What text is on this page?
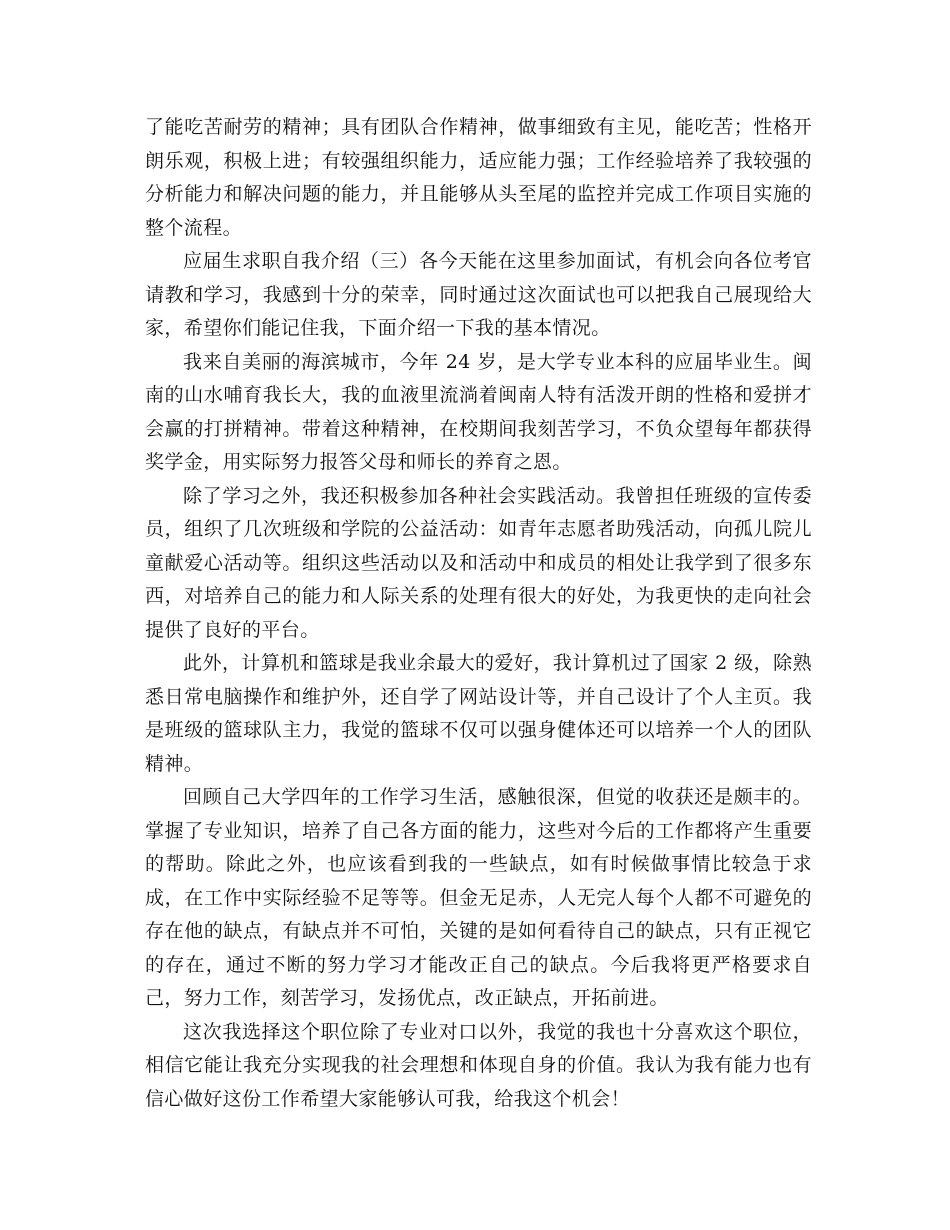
了能吃苦耐劳的精神；具有团队合作精神，做事细致有主见，能吃苦；性格开朗乐观，积极上进；有较强组织能力，适应能力强；工作经验培养了我较强的分析能力和解决问题的能力，并且能够从头至尾的监控并完成工作项目实施的整个流程。

应届生求职自我介绍（三）各今天能在这里参加面试，有机会向各位考官请教和学习，我感到十分的荣幸，同时通过这次面试也可以把我自己展现给大家，希望你们能记住我，下面介绍一下我的基本情况。

我来自美丽的海滨城市，今年 24 岁，是大学专业本科的应届毕业生。闽南的山水哺育我长大，我的血液里流淌着闽南人特有活泼开朗的性格和爱拼才会赢的打拼精神。带着这种精神，在校期间我刻苦学习，不负众望每年都获得奖学金，用实际努力报答父母和师长的养育之恩。

除了学习之外，我还积极参加各种社会实践活动。我曾担任班级的宣传委员，组织了几次班级和学院的公益活动：如青年志愿者助残活动，向孤儿院儿童献爱心活动等。组织这些活动以及和活动中和成员的相处让我学到了很多东西，对培养自己的能力和人际关系的处理有很大的好处，为我更快的走向社会提供了良好的平台。

此外，计算机和篮球是我业余最大的爱好，我计算机过了国家 2 级，除熟悉日常电脑操作和维护外，还自学了网站设计等，并自己设计了个人主页。我是班级的篮球队主力，我觉的篮球不仅可以强身健体还可以培养一个人的团队精神。

回顾自己大学四年的工作学习生活，感触很深，但觉的收获还是颇丰的。掌握了专业知识，培养了自己各方面的能力，这些对今后的工作都将产生重要的帮助。除此之外，也应该看到我的一些缺点，如有时候做事情比较急于求成，在工作中实际经验不足等等。但金无足赤，人无完人每个人都不可避免的存在他的缺点，有缺点并不可怕，关键的是如何看待自己的缺点，只有正视它的存在，通过不断的努力学习才能改正自己的缺点。今后我将更严格要求自己，努力工作，刻苦学习，发扬优点，改正缺点，开拓前进。

这次我选择这个职位除了专业对口以外，我觉的我也十分喜欢这个职位，相信它能让我充分实现我的社会理想和体现自身的价值。我认为我有能力也有信心做好这份工作希望大家能够认可我，给我这个机会！
